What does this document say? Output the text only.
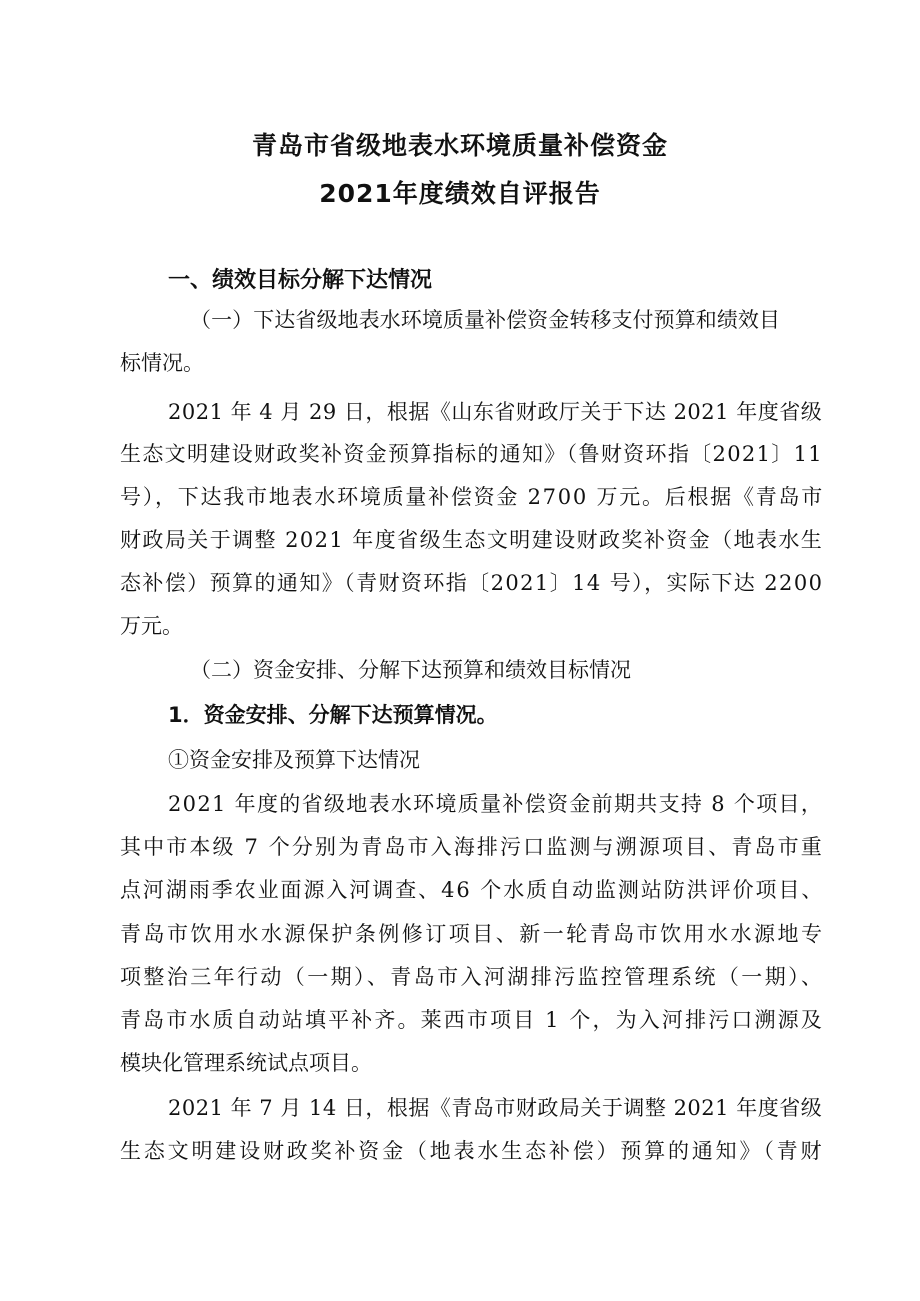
青岛市省级地表水环境质量补偿资金
2021年度绩效自评报告
一、绩效目标分解下达情况
（一）下达省级地表水环境质量补偿资金转移支付预算和绩效目
标情况。
2021 年 4 月 29 日，根据《山东省财政厅关于下达 2021 年度省级
生态文明建设财政奖补资金预算指标的通知》（鲁财资环指〔2021〕11
号），下达我市地表水环境质量补偿资金 2700 万元。后根据《青岛市
财政局关于调整 2021 年度省级生态文明建设财政奖补资金（地表水生
态补偿）预算的通知》（青财资环指〔2021〕14 号），实际下达 2200
万元。
（二）资金安排、分解下达预算和绩效目标情况
1．资金安排、分解下达预算情况。
①资金安排及预算下达情况
2021 年度的省级地表水环境质量补偿资金前期共支持 8 个项目，
其中市本级 7 个分别为青岛市入海排污口监测与溯源项目、青岛市重
点河湖雨季农业面源入河调查、46 个水质自动监测站防洪评价项目、
青岛市饮用水水源保护条例修订项目、新一轮青岛市饮用水水源地专
项整治三年行动（一期）、青岛市入河湖排污监控管理系统（一期）、
青岛市水质自动站填平补齐。莱西市项目 1 个，为入河排污口溯源及
模块化管理系统试点项目。
2021 年 7 月 14 日，根据《青岛市财政局关于调整 2021 年度省级
生态文明建设财政奖补资金（地表水生态补偿）预算的通知》（青财
